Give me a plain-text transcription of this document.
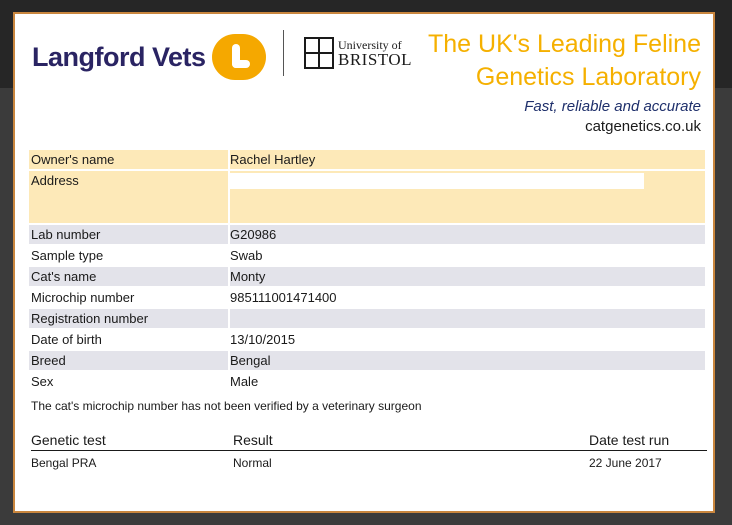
Langford Vets	University of
BRISTOL
The UK's Leading Feline
Genetics Laboratory
Fast, reliable and accurate
catgenetics.co.uk
Owner's name	Rachel Hartley
Address
Lab number	G20986
Sample type	Swab
Cat's name	Monty
Microchip number	985111001471400
Registration number
Date of birth	13/10/2015
Breed	Bengal
Sex	Male
The cat's microchip number has not been verified by a veterinary surgeon
Genetic test	Result	Date test run
Bengal PRA	Normal	22 June 2017
